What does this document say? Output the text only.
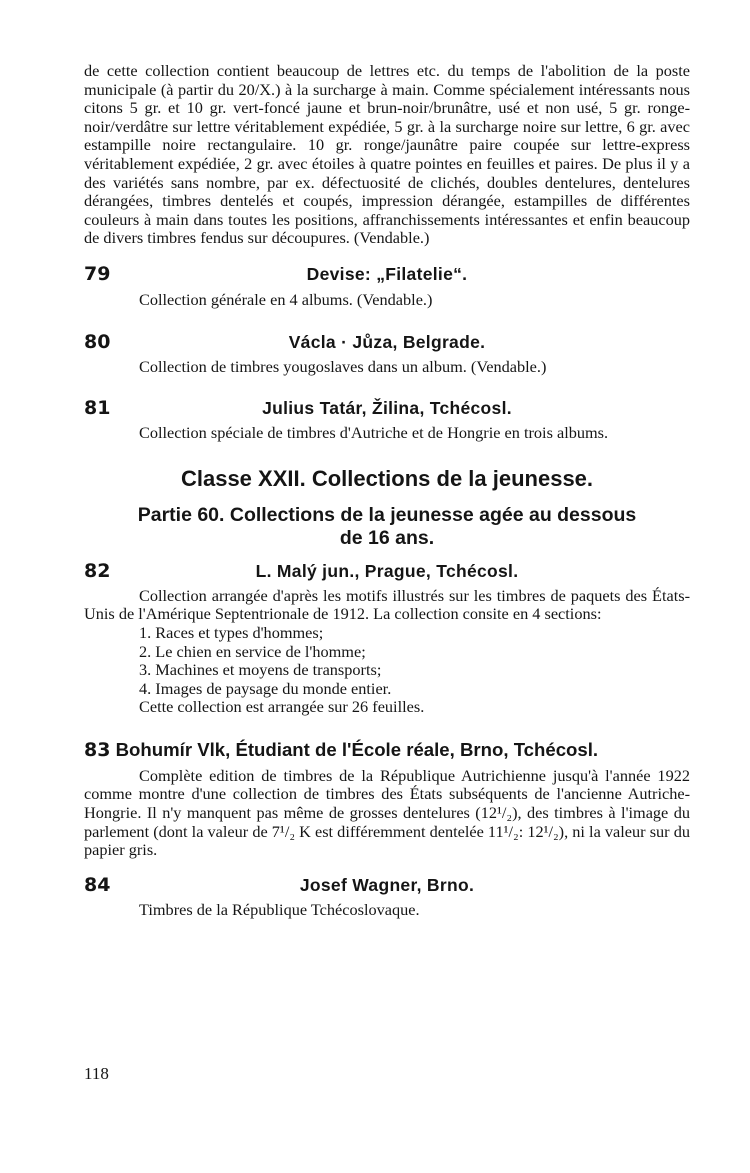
de cette collection contient beaucoup de lettres etc. du temps de l'abolition de la poste municipale (à partir du 20/X.) à la surcharge à main. Comme spécialement intéressants nous citons 5 gr. et 10 gr. vert-foncé jaune et brun-noir/brunâtre, usé et non usé, 5 gr. ronge-noir/verdâtre sur lettre véritablement expédiée, 5 gr. à la surcharge noire sur lettre, 6 gr. avec estampille noire rectangulaire. 10 gr. ronge/jaunâtre paire coupée sur lettre-express véritablement expédiée, 2 gr. avec étoiles à quatre pointes en feuilles et paires. De plus il y a des variétés sans nombre, par ex. défectuosité de clichés, doubles dentelures, dentelures dérangées, timbres dentelés et coupés, impression dérangée, estampilles de différentes couleurs à main dans toutes les positions, affranchissements intéressantes et enfin beaucoup de divers timbres fendus sur découpures. (Vendable.)

79	Devise: „Filatelie“.

Collection générale en 4 albums. (Vendable.)

80	Václa · Jůza, Belgrade.

Collection de timbres yougoslaves dans un album. (Vendable.)

81	Julius Tatár, Žilina, Tchécosl.

Collection spéciale de timbres d'Autriche et de Hongrie en trois albums.

Classe XXII. Collections de la jeunesse.
Partie 60. Collections de la jeunesse agée au dessous
de 16 ans.
82	L. Malý jun., Prague, Tchécosl.

Collection arrangée d'après les motifs illustrés sur les timbres de paquets des États-Unis de l'Amérique Septentrionale de 1912. La collection consite en 4 sections:

1. Races et types d'hommes;
2. Le chien en service de l'homme;
3. Machines et moyens de transports;
4. Images de paysage du monde entier.

Cette collection est arrangée sur 26 feuilles.

83 Bohumír Vlk, Étudiant de l'École réale, Brno, Tchécosl.

Complète edition de timbres de la République Autrichienne jusqu'à l'année 1922 comme montre d'une collection de timbres des États subséquents de l'ancienne Autriche-Hongrie. Il n'y manquent pas même de grosses dentelures (12¹/₂), des timbres à l'image du parlement (dont la valeur de 7¹/₂ K est différemment dentelée 11¹/₂: 12¹/₂), ni la valeur sur du papier gris.

84	Josef Wagner, Brno.

Timbres de la République Tchécoslovaque.

118
